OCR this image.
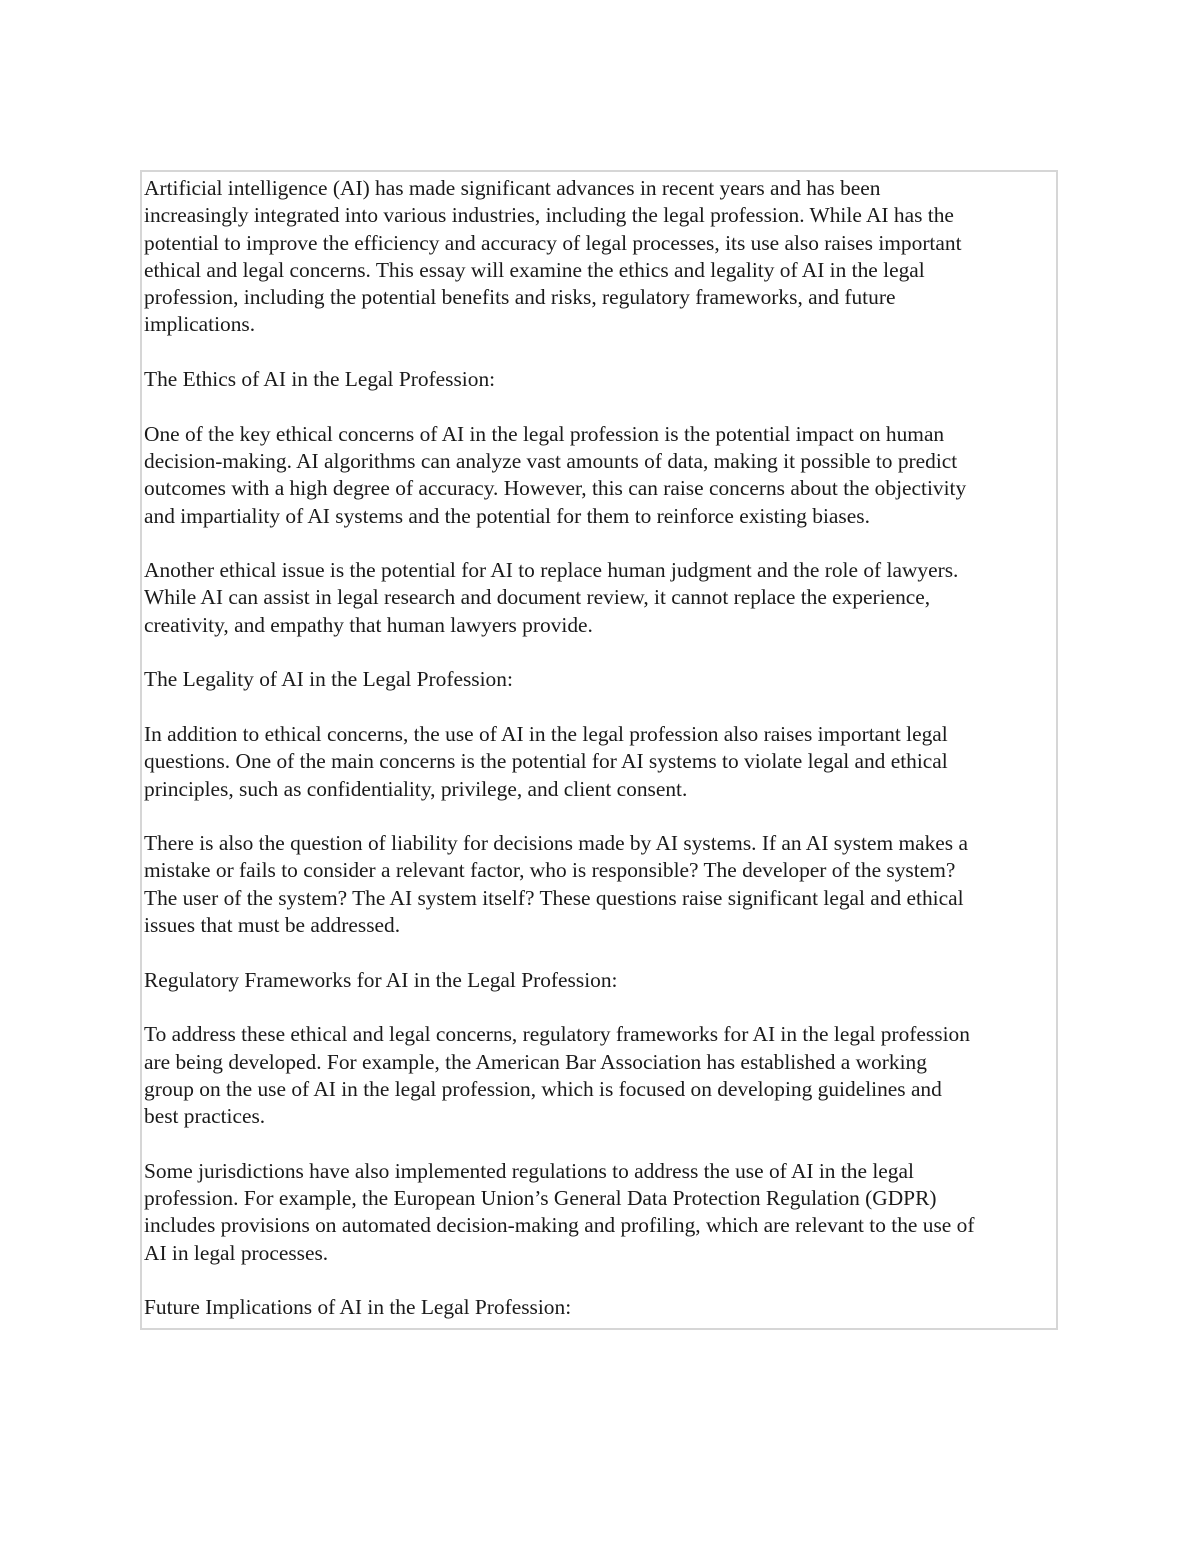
Artificial intelligence (AI) has made significant advances in recent years and has been

increasingly integrated into various industries, including the legal profession. While AI has the

potential to improve the efficiency and accuracy of legal processes, its use also raises important

ethical and legal concerns. This essay will examine the ethics and legality of AI in the legal

profession, including the potential benefits and risks, regulatory frameworks, and future

implications.

The Ethics of AI in the Legal Profession:

One of the key ethical concerns of AI in the legal profession is the potential impact on human

decision-making. AI algorithms can analyze vast amounts of data, making it possible to predict

outcomes with a high degree of accuracy. However, this can raise concerns about the objectivity

and impartiality of AI systems and the potential for them to reinforce existing biases.

Another ethical issue is the potential for AI to replace human judgment and the role of lawyers.

While AI can assist in legal research and document review, it cannot replace the experience,

creativity, and empathy that human lawyers provide.

The Legality of AI in the Legal Profession:

In addition to ethical concerns, the use of AI in the legal profession also raises important legal

questions. One of the main concerns is the potential for AI systems to violate legal and ethical

principles, such as confidentiality, privilege, and client consent.

There is also the question of liability for decisions made by AI systems. If an AI system makes a

mistake or fails to consider a relevant factor, who is responsible? The developer of the system?

The user of the system? The AI system itself? These questions raise significant legal and ethical

issues that must be addressed.

Regulatory Frameworks for AI in the Legal Profession:

To address these ethical and legal concerns, regulatory frameworks for AI in the legal profession

are being developed. For example, the American Bar Association has established a working

group on the use of AI in the legal profession, which is focused on developing guidelines and

best practices.

Some jurisdictions have also implemented regulations to address the use of AI in the legal

profession. For example, the European Union’s General Data Protection Regulation (GDPR)

includes provisions on automated decision-making and profiling, which are relevant to the use of

AI in legal processes.

Future Implications of AI in the Legal Profession:
